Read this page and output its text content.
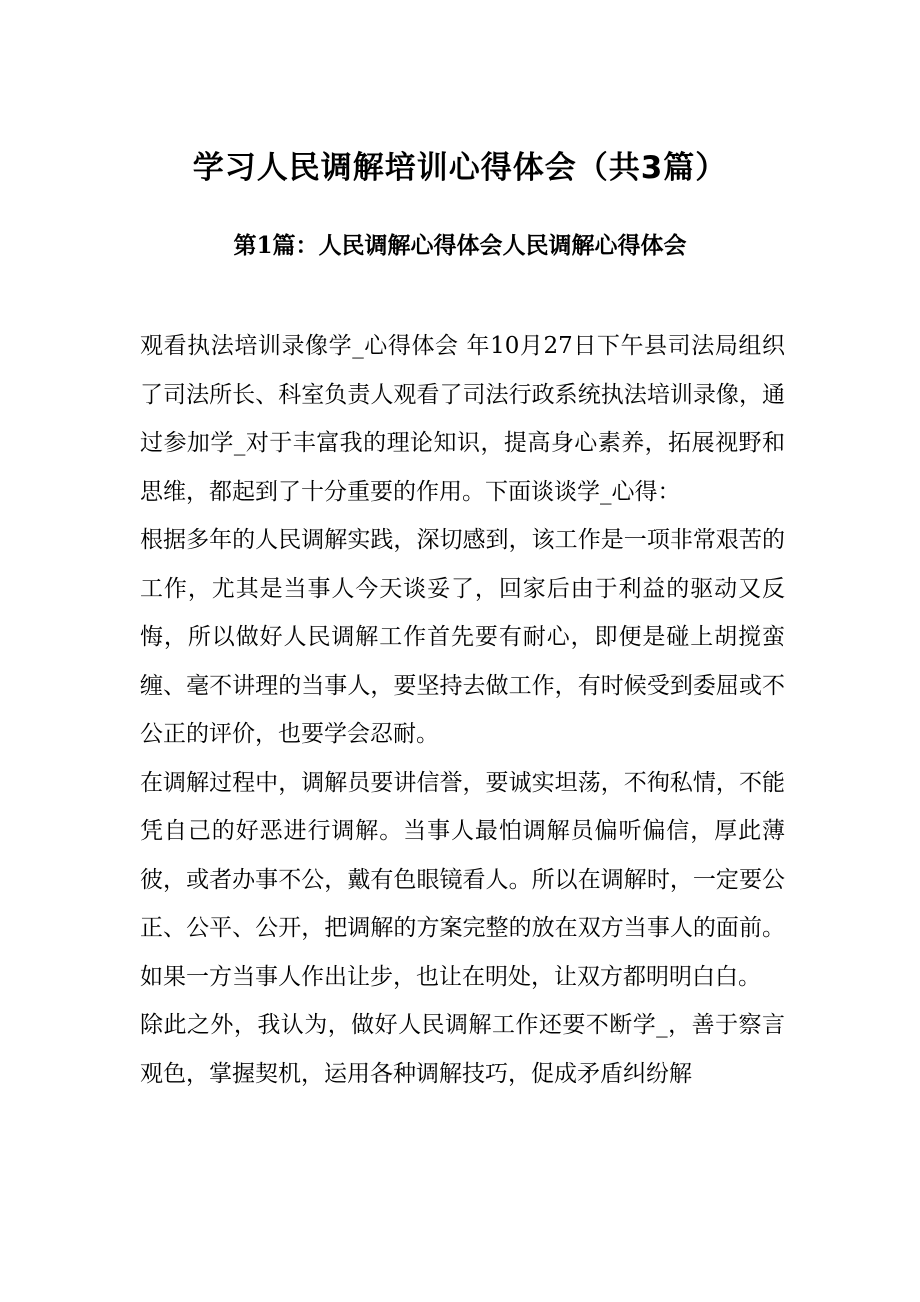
学习人民调解培训心得体会（共3篇）
第1篇：人民调解心得体会人民调解心得体会

观看执法培训录像学_心得体会 年10月27日下午县司法局组织了司法所长、科室负责人观看了司法行政系统执法培训录像，通过参加学_对于丰富我的理论知识，提高身心素养，拓展视野和思维，都起到了十分重要的作用。下面谈谈学_心得：

根据多年的人民调解实践，深切感到，该工作是一项非常艰苦的工作，尤其是当事人今天谈妥了，回家后由于利益的驱动又反悔，所以做好人民调解工作首先要有耐心，即便是碰上胡搅蛮缠、毫不讲理的当事人，要坚持去做工作，有时候受到委屈或不公正的评价，也要学会忍耐。

在调解过程中，调解员要讲信誉，要诚实坦荡，不徇私情，不能凭自己的好恶进行调解。当事人最怕调解员偏听偏信，厚此薄彼，或者办事不公，戴有色眼镜看人。所以在调解时，一定要公正、公平、公开，把调解的方案完整的放在双方当事人的面前。如果一方当事人作出让步，也让在明处，让双方都明明白白。

除此之外，我认为，做好人民调解工作还要不断学_，善于察言观色，掌握契机，运用各种调解技巧，促成矛盾纠纷解
